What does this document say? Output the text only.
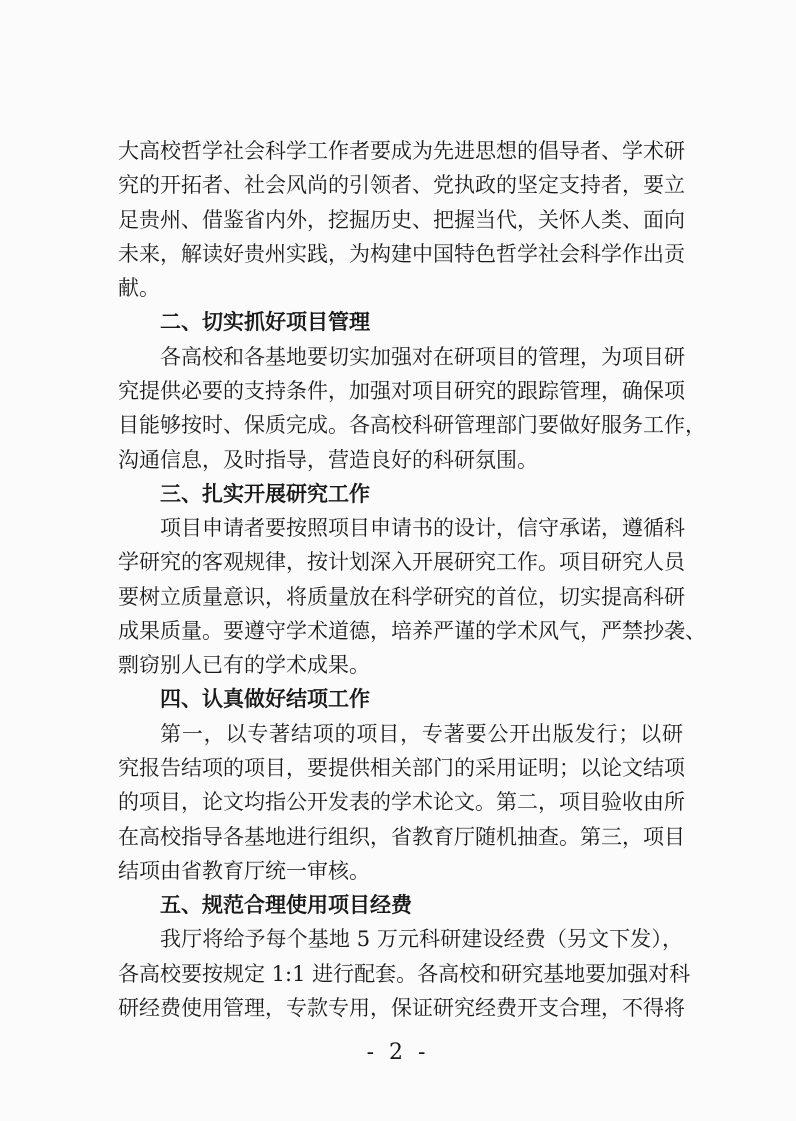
大高校哲学社会科学工作者要成为先进思想的倡导者、学术研
究的开拓者、社会风尚的引领者、党执政的坚定支持者，要立
足贵州、借鉴省内外，挖掘历史、把握当代，关怀人类、面向
未来，解读好贵州实践，为构建中国特色哲学社会科学作出贡
献。
二、切实抓好项目管理
各高校和各基地要切实加强对在研项目的管理，为项目研
究提供必要的支持条件，加强对项目研究的跟踪管理，确保项
目能够按时、保质完成。各高校科研管理部门要做好服务工作，
沟通信息，及时指导，营造良好的科研氛围。
三、扎实开展研究工作
项目申请者要按照项目申请书的设计，信守承诺，遵循科
学研究的客观规律，按计划深入开展研究工作。项目研究人员
要树立质量意识，将质量放在科学研究的首位，切实提高科研
成果质量。要遵守学术道德，培养严谨的学术风气，严禁抄袭、
剽窃别人已有的学术成果。
四、认真做好结项工作
第一，以专著结项的项目，专著要公开出版发行；以研
究报告结项的项目，要提供相关部门的采用证明；以论文结项
的项目，论文均指公开发表的学术论文。第二，项目验收由所
在高校指导各基地进行组织，省教育厅随机抽查。第三，项目
结项由省教育厅统一审核。
五、规范合理使用项目经费
我厅将给予每个基地 5 万元科研建设经费（另文下发），
各高校要按规定 1:1 进行配套。各高校和研究基地要加强对科
研经费使用管理，专款专用，保证研究经费开支合理，不得将
- 2 -
